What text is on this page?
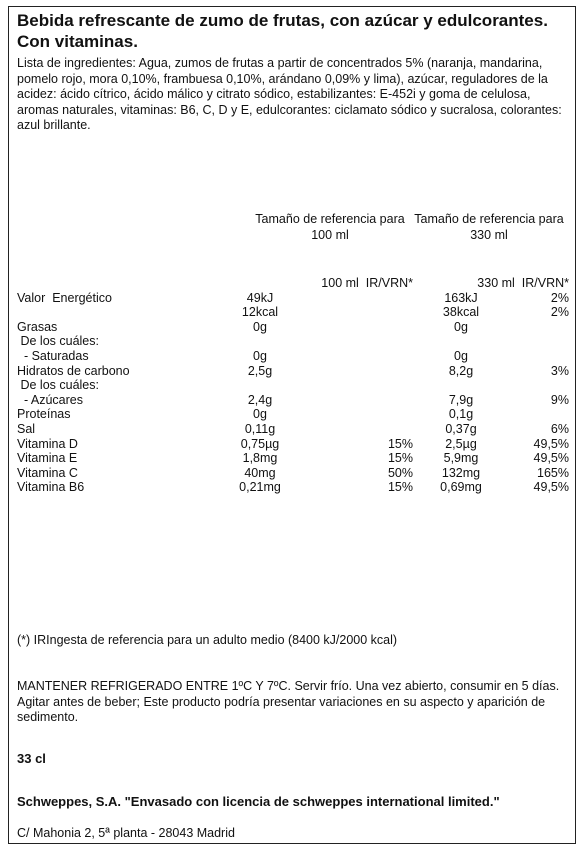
Bebida refrescante de zumo de frutas, con azúcar y edulcorantes. Con vitaminas.

Lista de ingredientes: Agua, zumos de frutas a partir de concentrados 5% (naranja, mandarina, pomelo rojo, mora 0,10%, frambuesa 0,10%, arándano 0,09% y lima), azúcar, reguladores de la acidez: ácido cítrico, ácido málico y citrato sódico, estabilizantes: E-452i y goma de celulosa, aromas naturales, vitaminas: B6, C, D y E, edulcorantes: ciclamato sódico y sucralosa, colorantes: azul brillante.

Tamaño de referencia para 100 ml
Tamaño de referencia para 330 ml
	100 ml  IR/VRN*		330 ml  IR/VRN*	
Valor  Energético	49kJ		163kJ	2%
	12kcal		38kcal	2%
Grasas	0g		0g	
De los cuáles:				
- Saturadas	0g		0g	
Hidratos de carbono	2,5g		8,2g	3%
De los cuáles:				
- Azúcares	2,4g		7,9g	9%
Proteínas	0g		0,1g	
Sal	0,11g		0,37g	6%
Vitamina D	0,75µg	15%	2,5µg	49,5%
Vitamina E	1,8mg	15%	5,9mg	49,5%
Vitamina C	40mg	50%	132mg	165%
Vitamina B6	0,21mg	15%	0,69mg	49,5%

(*) IRIngesta de referencia para un adulto medio (8400 kJ/2000 kcal)

MANTENER REFRIGERADO ENTRE 1ºC Y 7ºC. Servir frío. Una vez abierto, consumir en 5 días. Agitar antes de beber; Este producto podría presentar variaciones en su aspecto y aparición de sedimento.

33 cl

Schweppes, S.A. "Envasado con licencia de schweppes international limited."

C/ Mahonia 2, 5ª planta - 28043 Madrid
